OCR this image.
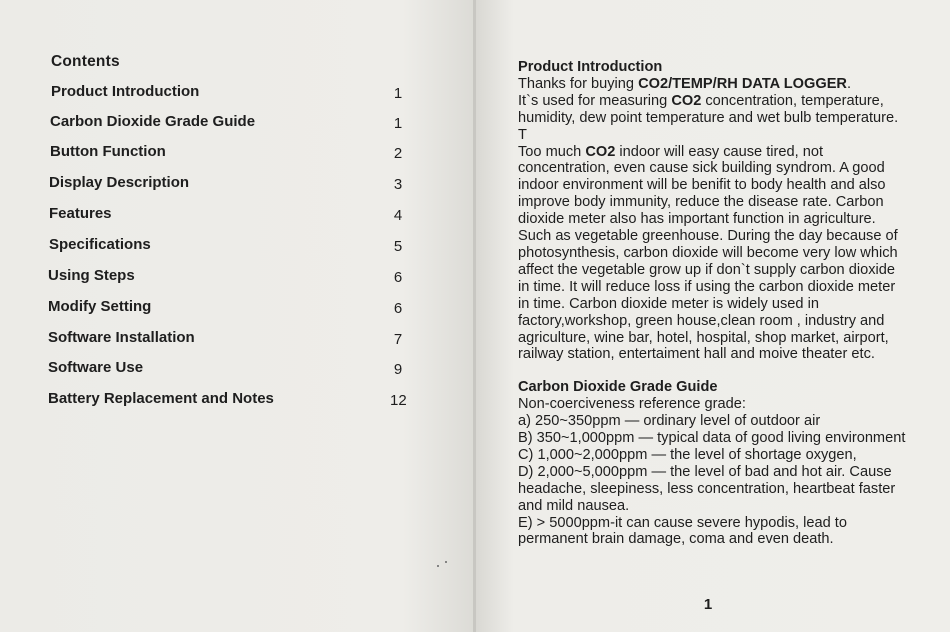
Contents
Product Introduction	1
Carbon Dioxide Grade Guide	1
Button Function	2
Display Description	3
Features	4
Specifications	5
Using Steps	6
Modify Setting	6
Software Installation	7
Software Use	9
Battery Replacement and Notes	12

Product Introduction

Thanks for buying CO2/TEMP/RH DATA LOGGER.

It`s used for measuring CO2 concentration, temperature, humidity, dew point temperature and wet bulb temperature. T

Too much CO2 indoor will easy cause tired, not concentration, even cause sick building syndrom. A good indoor environment will be benifit to body health and also improve body immunity, reduce the disease rate. Carbon dioxide meter also has important function in agriculture. Such as vegetable greenhouse. During the day because of photosynthesis, carbon dioxide will become very low which affect the vegetable grow up if don`t supply carbon dioxide in time. It will reduce loss if using the carbon dioxide meter in time. Carbon dioxide meter is widely used in factory,workshop, green house,clean room , industry and agriculture, wine bar, hotel, hospital, shop market, airport, railway station, entertaiment hall and moive theater etc.

Carbon Dioxide Grade Guide

Non-coerciveness reference grade:

a) 250~350ppm — ordinary level of outdoor air

B) 350~1,000ppm — typical data of good living environment

C) 1,000~2,000ppm — the level of shortage oxygen,

D) 2,000~5,000ppm — the level of bad and hot air. Cause headache, sleepiness, less concentration, heartbeat faster and mild nausea.

E) > 5000ppm-it can cause severe hypodis, lead to permanent brain damage, coma and even death.

1
